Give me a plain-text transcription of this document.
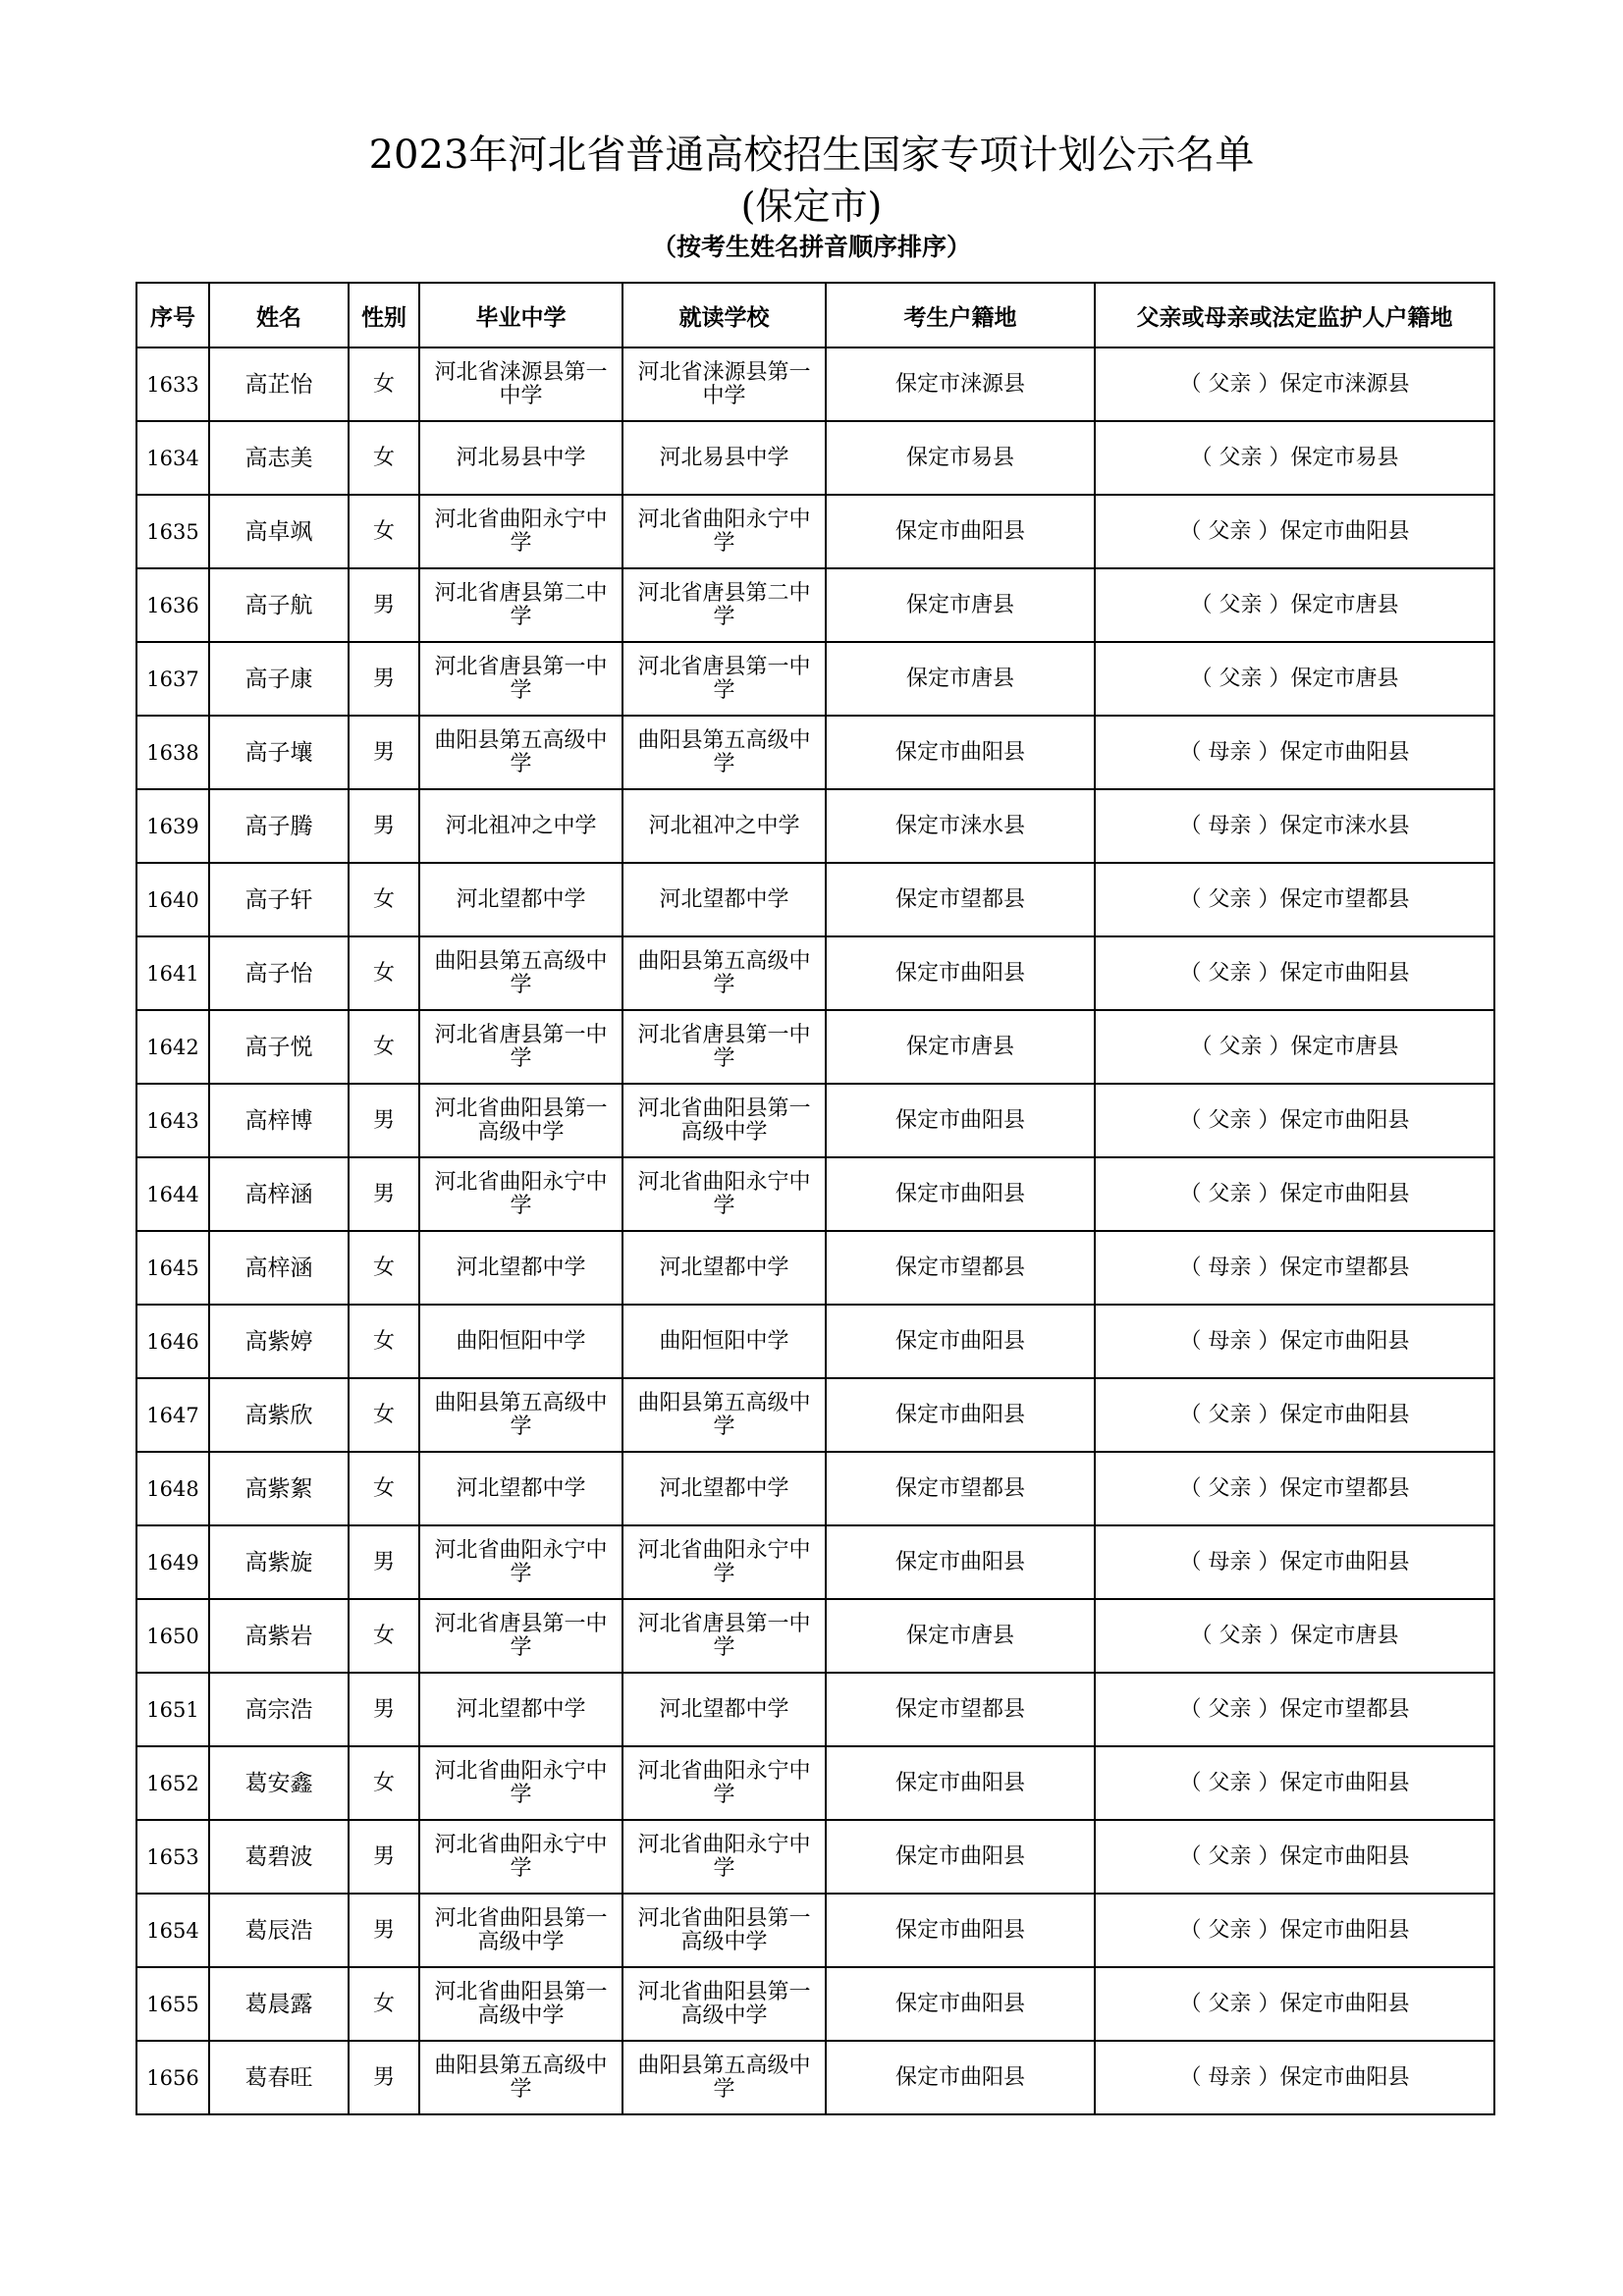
2023年河北省普通高校招生国家专项计划公示名单
(保定市)
（按考生姓名拼音顺序排序）
序号	姓名	性别	毕业中学	就读学校	考生户籍地	父亲或母亲或法定监护人户籍地
1633	高芷怡	女	河北省涞源县第一中学	河北省涞源县第一中学	保定市涞源县	（ 父亲 ）保定市涞源县
1634	高志美	女	河北易县中学	河北易县中学	保定市易县	（ 父亲 ）保定市易县
1635	高卓飒	女	河北省曲阳永宁中学	河北省曲阳永宁中学	保定市曲阳县	（ 父亲 ）保定市曲阳县
1636	高子航	男	河北省唐县第二中学	河北省唐县第二中学	保定市唐县	（ 父亲 ）保定市唐县
1637	高子康	男	河北省唐县第一中学	河北省唐县第一中学	保定市唐县	（ 父亲 ）保定市唐县
1638	高子壤	男	曲阳县第五高级中学	曲阳县第五高级中学	保定市曲阳县	（ 母亲 ）保定市曲阳县
1639	高子腾	男	河北祖冲之中学	河北祖冲之中学	保定市涞水县	（ 母亲 ）保定市涞水县
1640	高子轩	女	河北望都中学	河北望都中学	保定市望都县	（ 父亲 ）保定市望都县
1641	高子怡	女	曲阳县第五高级中学	曲阳县第五高级中学	保定市曲阳县	（ 父亲 ）保定市曲阳县
1642	高子悦	女	河北省唐县第一中学	河北省唐县第一中学	保定市唐县	（ 父亲 ）保定市唐县
1643	高梓博	男	河北省曲阳县第一高级中学	河北省曲阳县第一高级中学	保定市曲阳县	（ 父亲 ）保定市曲阳县
1644	高梓涵	男	河北省曲阳永宁中学	河北省曲阳永宁中学	保定市曲阳县	（ 父亲 ）保定市曲阳县
1645	高梓涵	女	河北望都中学	河北望都中学	保定市望都县	（ 母亲 ）保定市望都县
1646	高紫婷	女	曲阳恒阳中学	曲阳恒阳中学	保定市曲阳县	（ 母亲 ）保定市曲阳县
1647	高紫欣	女	曲阳县第五高级中学	曲阳县第五高级中学	保定市曲阳县	（ 父亲 ）保定市曲阳县
1648	高紫絮	女	河北望都中学	河北望都中学	保定市望都县	（ 父亲 ）保定市望都县
1649	高紫旋	男	河北省曲阳永宁中学	河北省曲阳永宁中学	保定市曲阳县	（ 母亲 ）保定市曲阳县
1650	高紫岩	女	河北省唐县第一中学	河北省唐县第一中学	保定市唐县	（ 父亲 ）保定市唐县
1651	高宗浩	男	河北望都中学	河北望都中学	保定市望都县	（ 父亲 ）保定市望都县
1652	葛安鑫	女	河北省曲阳永宁中学	河北省曲阳永宁中学	保定市曲阳县	（ 父亲 ）保定市曲阳县
1653	葛碧波	男	河北省曲阳永宁中学	河北省曲阳永宁中学	保定市曲阳县	（ 父亲 ）保定市曲阳县
1654	葛辰浩	男	河北省曲阳县第一高级中学	河北省曲阳县第一高级中学	保定市曲阳县	（ 父亲 ）保定市曲阳县
1655	葛晨露	女	河北省曲阳县第一高级中学	河北省曲阳县第一高级中学	保定市曲阳县	（ 父亲 ）保定市曲阳县
1656	葛春旺	男	曲阳县第五高级中学	曲阳县第五高级中学	保定市曲阳县	（ 母亲 ）保定市曲阳县
